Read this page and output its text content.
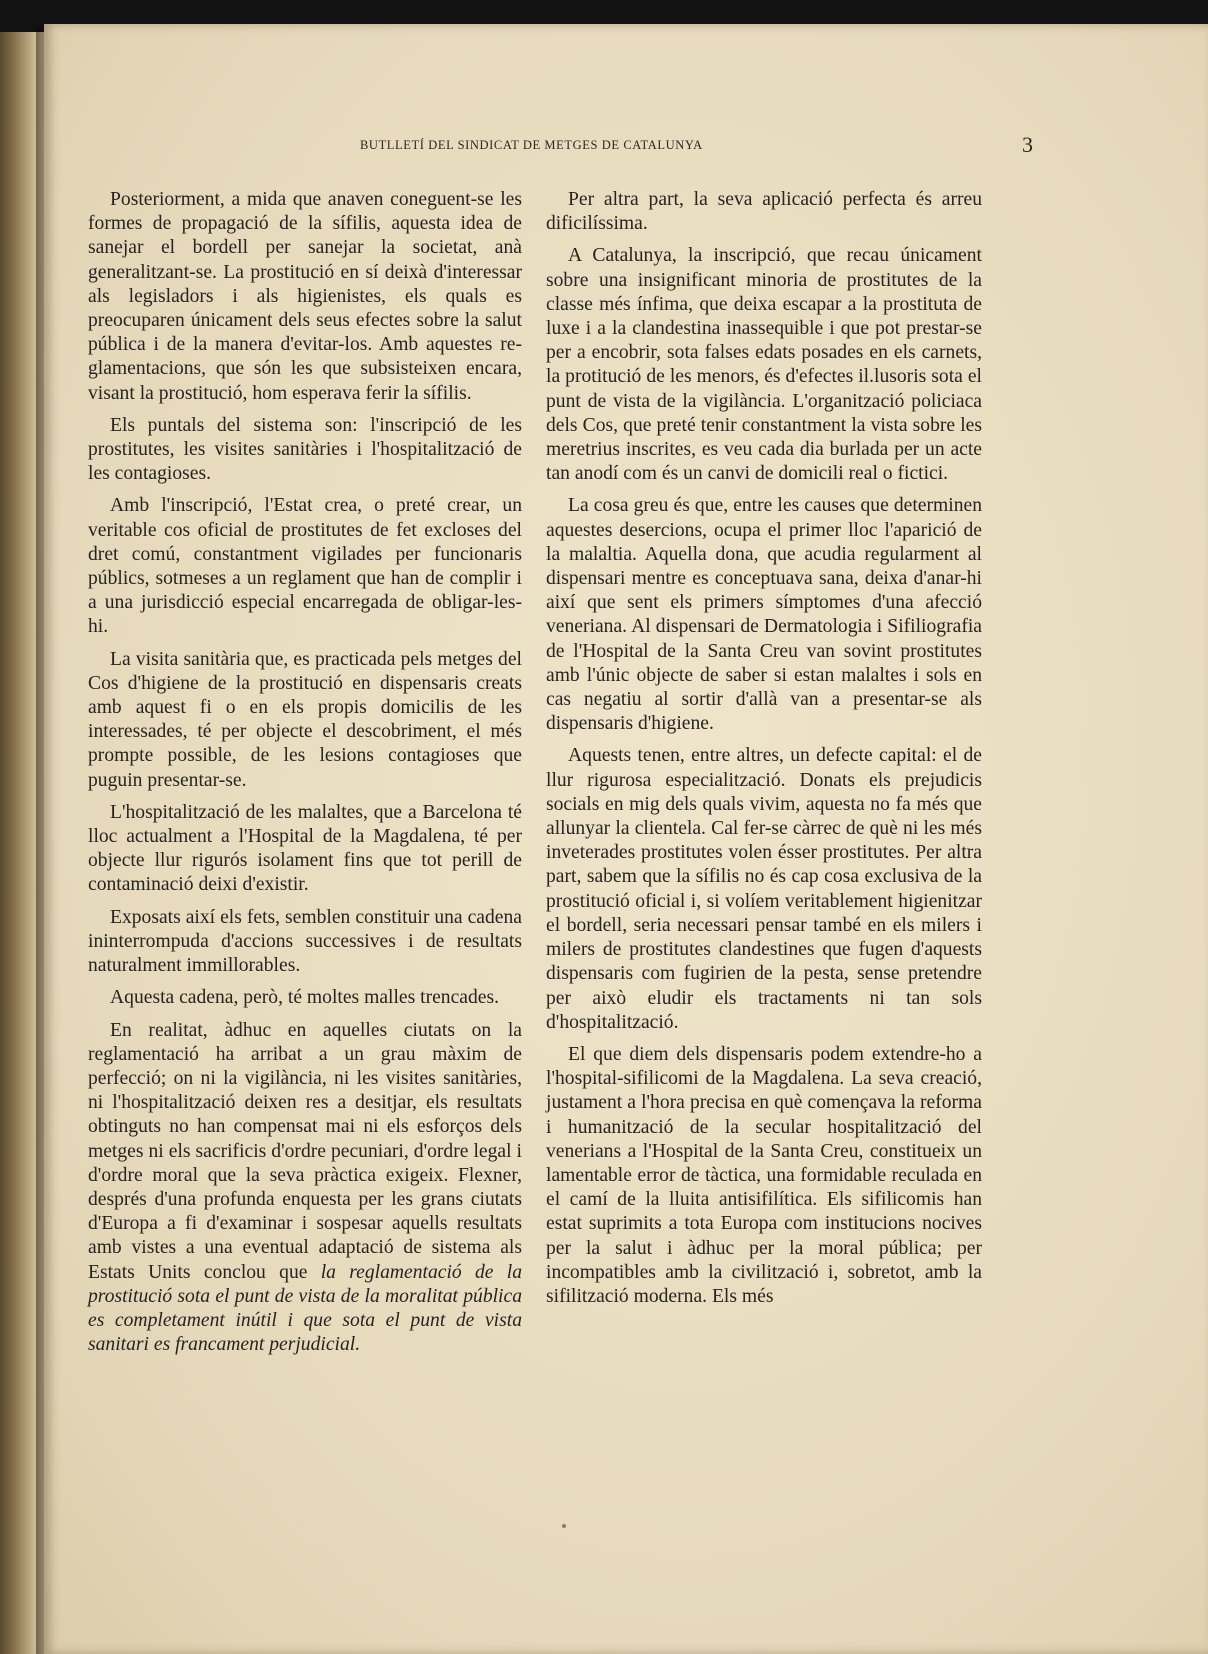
BUTLLETÍ DEL SINDICAT DE METGES DE CATALUNYA	3

Posteriorment, a mida que anaven coneguent-se les formes de propagació de la sífilis, aquesta idea de sanejar el bordell per sanejar la societat, anà generalitzant-se. La prostitució en sí deixà d'interessar als legisladors i als higienistes, els quals es preocuparen únicament dels seus efectes sobre la salut pública i de la manera d'evitar-los. Amb aquestes reglamentacions, que són les que subsisteixen encara, visant la prostitució, hom esperava ferir la sífilis.

Els puntals del sistema son: l'inscripció de les prostitutes, les visites sanitàries i l'hospitalització de les contagioses.

Amb l'inscripció, l'Estat crea, o preté crear, un veritable cos oficial de prostitutes de fet excloses del dret comú, constantment vigilades per funcionaris públics, sotmeses a un reglament que han de complir i a una jurisdicció especial encarregada de obligar-les-hi.

La visita sanitària que, es practicada pels metges del Cos d'higiene de la prostitució en dispensaris creats amb aquest fi o en els propis domicilis de les interessades, té per objecte el descobriment, el més prompte possible, de les lesions contagioses que puguin presentar-se.

L'hospitalització de les malaltes, que a Barcelona té lloc actualment a l'Hospital de la Magdalena, té per objecte llur rigurós isolament fins que tot perill de contaminació deixi d'existir.

Exposats així els fets, semblen constituir una cadena ininterrompuda d'accions successives i de resultats naturalment immillorables.

Aquesta cadena, però, té moltes malles trencades.

En realitat, àdhuc en aquelles ciutats on la reglamentació ha arribat a un grau màxim de perfecció; on ni la vigilància, ni les visites sanitàries, ni l'hospitalització deixen res a desitjar, els resultats obtinguts no han compensat mai ni els esforços dels metges ni els sacrificis d'ordre pecuniari, d'ordre legal i d'ordre moral que la seva pràctica exigeix. Flexner, després d'una profunda enquesta per les grans ciutats d'Europa a fi d'examinar i sospesar aquells resultats amb vistes a una eventual adaptació de sistema als Estats Units conclou que la reglamentació de la prostitució sota el punt de vista de la moralitat pública es completament inútil i que sota el punt de vista sanitari es francament perjudicial.

Per altra part, la seva aplicació perfecta és arreu dificilíssima.

A Catalunya, la inscripció, que recau únicament sobre una insignificant minoria de prostitutes de la classe més ínfima, que deixa escapar a la prostituta de luxe i a la clandestina inassequible i que pot prestar-se per a encobrir, sota falses edats posades en els carnets, la protitució de les menors, és d'efectes il.lusoris sota el punt de vista de la vigilància. L'organització policiaca dels Cos, que preté tenir constantment la vista sobre les meretrius inscrites, es veu cada dia burlada per un acte tan anodí com és un canvi de domicili real o fictici.

La cosa greu és que, entre les causes que determinen aquestes desercions, ocupa el primer lloc l'aparició de la malaltia. Aquella dona, que acudia regularment al dispensari mentre es conceptuava sana, deixa d'anar-hi així que sent els primers símptomes d'una afecció veneriana. Al dispensari de Dermatologia i Sifiliografia de l'Hospital de la Santa Creu van sovint prostitutes amb l'únic objecte de saber si estan malaltes i sols en cas negatiu al sortir d'allà van a presentar-se als dispensaris d'higiene.

Aquests tenen, entre altres, un defecte capital: el de llur rigurosa especialització. Donats els prejudicis socials en mig dels quals vivim, aquesta no fa més que allunyar la clientеla. Cal fer-se càrrec de què ni les més inveterades prostitutes volen ésser prostitutes. Per altra part, sabem que la sífilis no és cap cosa exclusiva de la prostitució oficial i, si volíem veritablement higienitzar el bordell, seria necessari pensar també en els milers i milers de prostitutes clandestines que fugen d'aquests dispensaris com fugirien de la pesta, sense pretendre per això eludir els tractaments ni tan sols d'hospitalització.

El que diem dels dispensaris podem extendre-ho a l'hospital-sifilicomi de la Magdalena. La seva creació, justament a l'hora precisa en què començava la reforma i humanització de la secular hospitalització del venerians a l'Hospital de la Santa Creu, constitueix un lamentable error de tàctica, una formidable reculada en el camí de la lluita antisifilítica. Els sifilicomis han estat suprimits a tota Europa com institucions nocives per la salut i àdhuc per la moral pública; per incompatibles amb la civilització i, sobretot, amb la sifilització moderna. Els més
